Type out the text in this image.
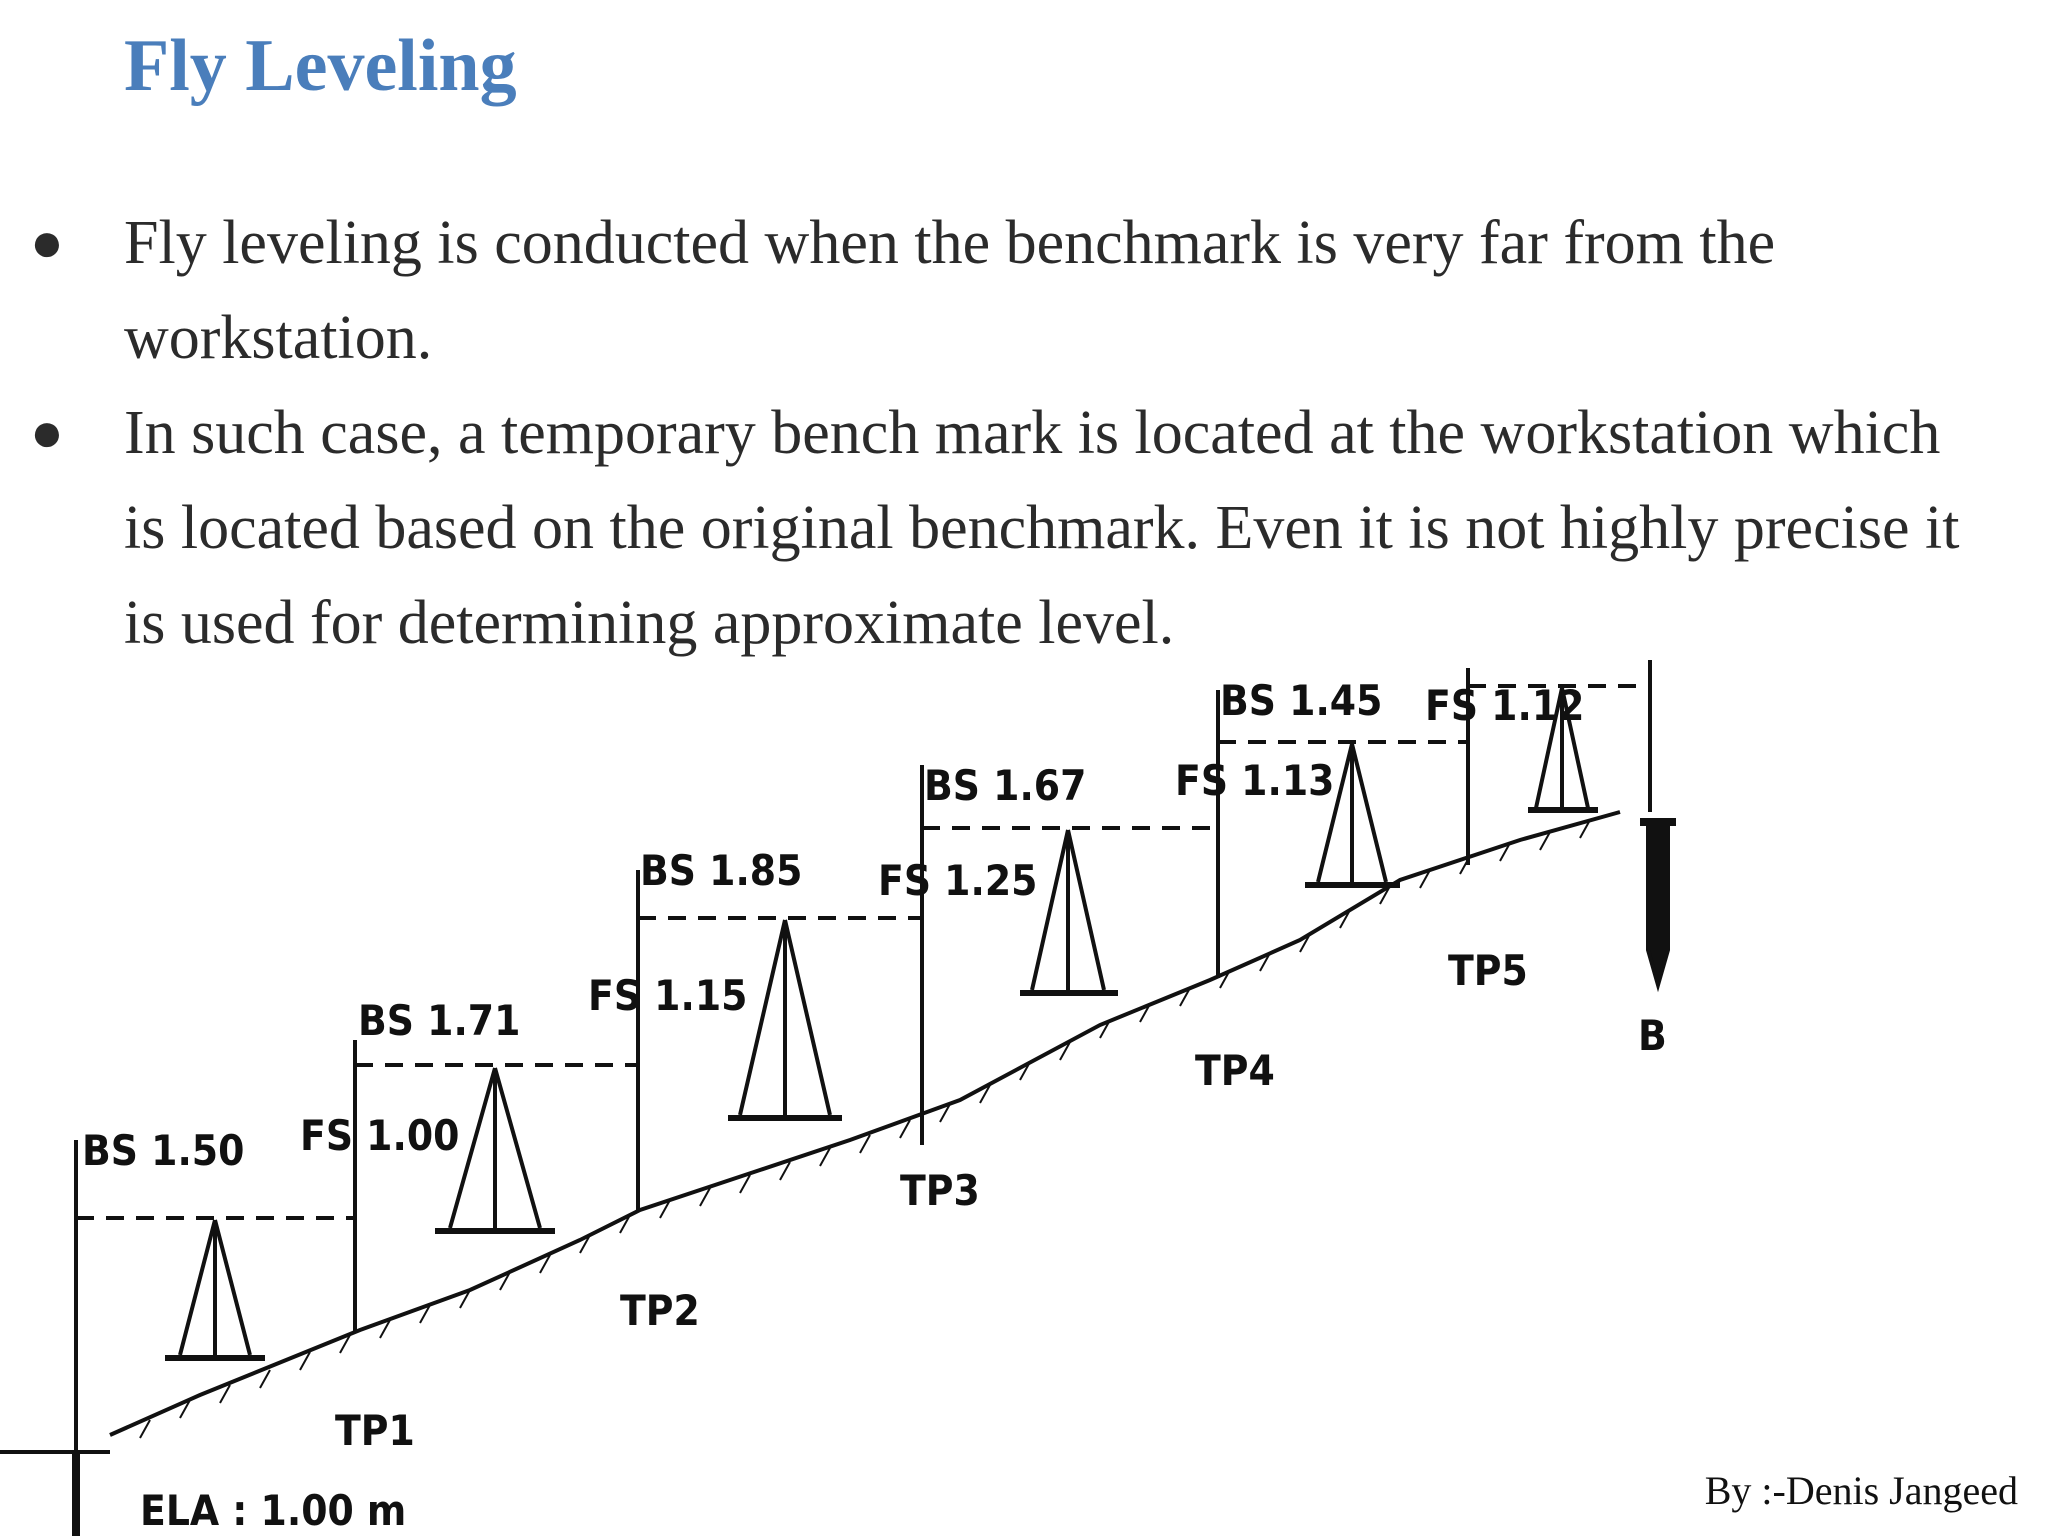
Fly Leveling
● Fly leveling is conducted when the benchmark is very far from the workstation.
● In such case, a temporary bench mark is located at the workstation which is located based on the original benchmark. Even it is not highly precise it is used for determining approximate level.
BS 1.50 FS 1.00
BS 1.71
FS 1.15
BS 1.85 FS 1.25
BS 1.67 FS 1.13
BS 1.45 FS 1.12
TP1
TP2
TP3
TP4
TP5
B
ELA : 1.00 m	By :-Denis Jangeed
